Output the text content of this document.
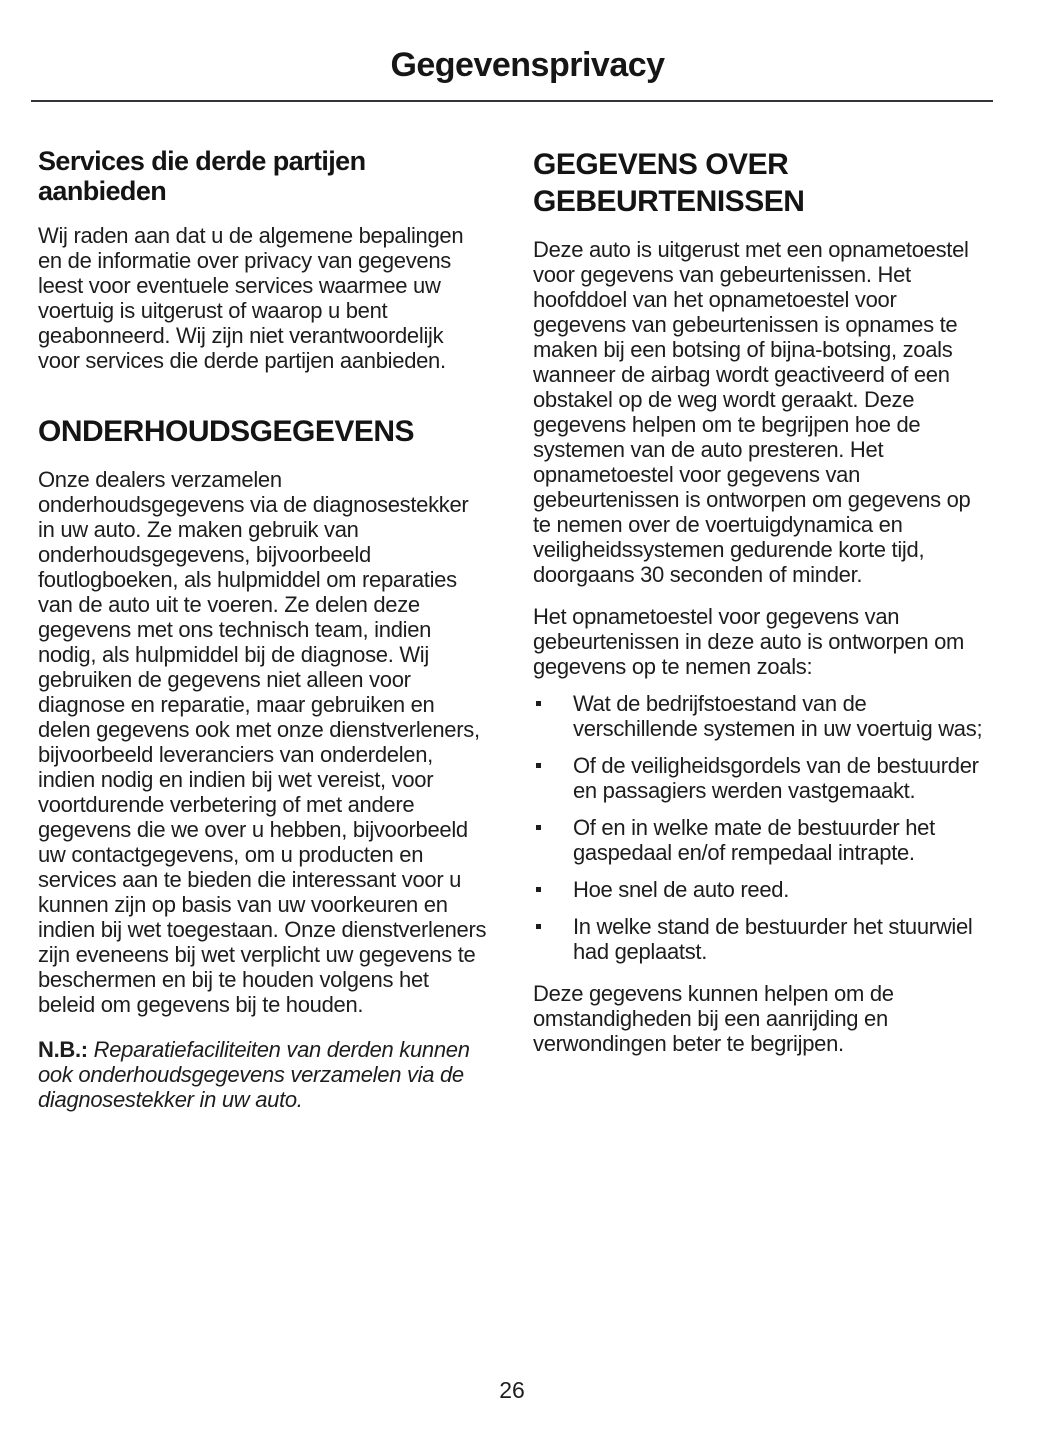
Gegevensprivacy
Services die derde partijen aanbieden

Wij raden aan dat u de algemene bepalingen en de informatie over privacy van gegevens leest voor eventuele services waarmee uw voertuig is uitgerust of waarop u bent geabonneerd. Wij zijn niet verantwoordelijk voor services die derde partijen aanbieden.

ONDERHOUDSGEGEVENS

Onze dealers verzamelen onderhoudsgegevens via de diagnosestekker in uw auto. Ze maken gebruik van onderhoudsgegevens, bijvoorbeeld foutlogboeken, als hulpmiddel om reparaties van de auto uit te voeren. Ze delen deze gegevens met ons technisch team, indien nodig, als hulpmiddel bij de diagnose. Wij gebruiken de gegevens niet alleen voor diagnose en reparatie, maar gebruiken en delen gegevens ook met onze dienstverleners, bijvoorbeeld leveranciers van onderdelen, indien nodig en indien bij wet vereist, voor voortdurende verbetering of met andere gegevens die we over u hebben, bijvoorbeeld uw contactgegevens, om u producten en services aan te bieden die interessant voor u kunnen zijn op basis van uw voorkeuren en indien bij wet toegestaan. Onze dienstverleners zijn eveneens bij wet verplicht uw gegevens te beschermen en bij te houden volgens het beleid om gegevens bij te houden.

N.B.: Reparatiefaciliteiten van derden kunnen ook onderhoudsgegevens verzamelen via de diagnosestekker in uw auto.

GEGEVENS OVER GEBEURTENISSEN

Deze auto is uitgerust met een opnametoestel voor gegevens van gebeurtenissen. Het hoofddoel van het opnametoestel voor gegevens van gebeurtenissen is opnames te maken bij een botsing of bijna-botsing, zoals wanneer de airbag wordt geactiveerd of een obstakel op de weg wordt geraakt. Deze gegevens helpen om te begrijpen hoe de systemen van de auto presteren. Het opnametoestel voor gegevens van gebeurtenissen is ontworpen om gegevens op te nemen over de voertuigdynamica en veiligheidssystemen gedurende korte tijd, doorgaans 30 seconden of minder.

Het opnametoestel voor gegevens van gebeurtenissen in deze auto is ontworpen om gegevens op te nemen zoals:

Wat de bedrijfstoestand van de verschillende systemen in uw voertuig was;
Of de veiligheidsgordels van de bestuurder en passagiers werden vastgemaakt.
Of en in welke mate de bestuurder het gaspedaal en/of rempedaal intrapte.
Hoe snel de auto reed.
In welke stand de bestuurder het stuurwiel had geplaatst.

Deze gegevens kunnen helpen om de omstandigheden bij een aanrijding en verwondingen beter te begrijpen.

26
